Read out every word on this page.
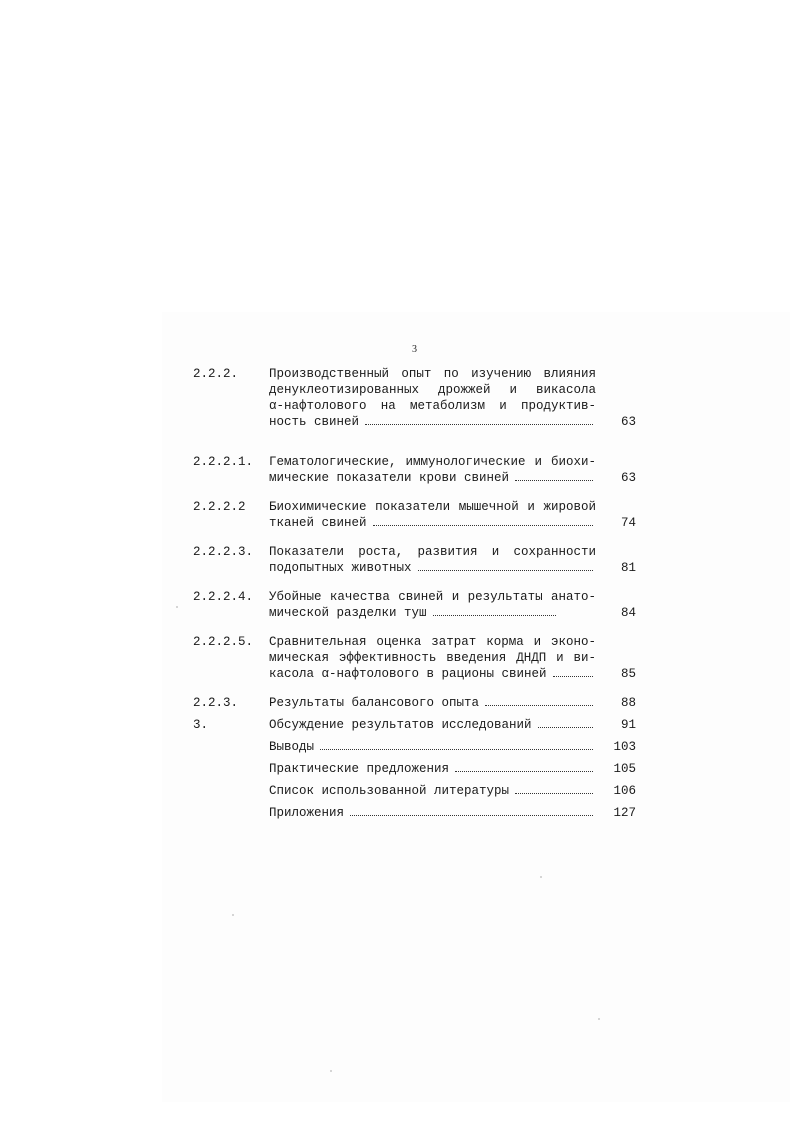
3
2.2.2.	Производственный опыт по изучению влияния
денуклеотизированных дрожжей и викасола
α-нафтолового на метаболизм и продуктив-
ность свиней	63
2.2.2.1.	Гематологические, иммунологические и биохи-
мические показатели крови свиней	63
2.2.2.2	Биохимические показатели мышечной и жировой
тканей свиней	74
2.2.2.3.	Показатели роста, развития и сохранности
подопытных животных	81
2.2.2.4.	Убойные качества свиней и результаты анато-
мической разделки туш	84
2.2.2.5.	Сравнительная оценка затрат корма и эконо-
мическая эффективность введения ДНДП и ви-
касола α-нафтолового в рационы свиней	85
2.2.3.	Результаты балансового опыта	88
3.	Обсуждение результатов исследований	91
Выводы	103
Практические предложения	105
Список использованной литературы	106
Приложения	127
